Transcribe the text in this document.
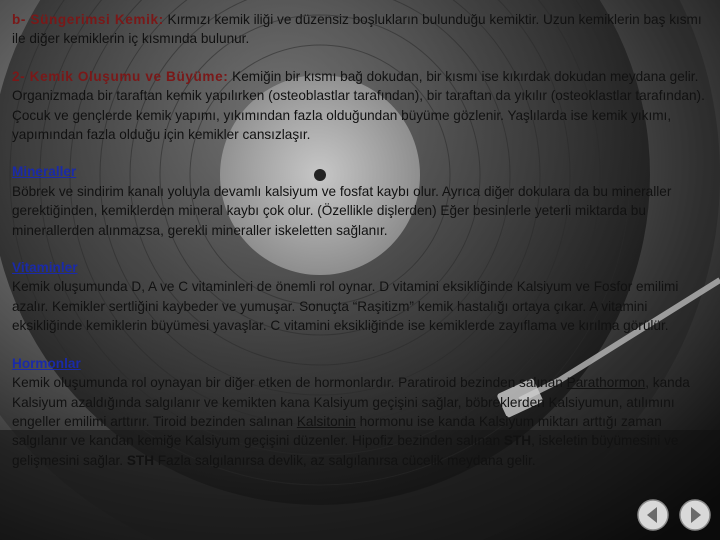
b- Süngerimsi Kemik: Kırmızı kemik iliği ve düzensiz boşlukların bulunduğu kemiktir. Uzun kemiklerin baş kısmı ile diğer kemiklerin iç kısmında bulunur.

2- Kemik Oluşumu ve Büyüme: Kemiğin bir kısmı bağ dokudan, bir kısmı ise kıkırdak dokudan meydana gelir. Organizmada bir taraftan kemik yapılırken (osteoblastlar tarafından), bir taraftan da yıkılır (osteoklastlar tarafından). Çocuk ve gençlerde kemik yapımı, yıkımından fazla olduğundan büyüme gözlenir. Yaşlılarda ise kemik yıkımı, yapımından fazla olduğu için kemikler cansızlaşır.

Mineraller
Böbrek ve sindirim kanalı yoluyla devamlı kalsiyum ve fosfat kaybı olur. Ayrıca diğer dokulara da bu mineraller gerektiğinden, kemiklerden mineral kaybı çok olur. (Özellikle dişlerden) Eğer besinlerle yeterli miktarda bu minerallerden alınmazsa, gerekli mineraller iskeletten sağlanır.

Vitaminler
Kemik oluşumunda D, A ve C vitaminleri de önemli rol oynar. D vitamini eksikliğinde Kalsiyum ve Fosfor emilimi azalır. Kemikler sertliğini kaybeder ve yumuşar. Sonuçta “Raşitizm” kemik hastalığı ortaya çıkar. A vitamini eksikliğinde kemiklerin büyümesi yavaşlar. C vitamini eksikliğinde ise kemiklerde zayıflama ve kırılma görülür.

Hormonlar
Kemik oluşumunda rol oynayan bir diğer etken de hormonlardır. Paratiroid bezinden salınan Parathormon, kanda Kalsiyum azaldığında salgılanır ve kemikten kana Kalsiyum geçişini sağlar, böbreklerden Kalsiyumun, atılımını engeller emilimi arttırır. Tiroid bezinden salınan Kalsitonin hormonu ise kanda Kalsiyum miktarı arttığı zaman salgılanır ve kandan kemiğe Kalsiyum geçişini düzenler. Hipofiz bezinden salınan STH, iskeletin büyümesini ve gelişmesini sağlar. STH Fazla salgılanırsa devlik, az salgılanırsa cücelik meydana gelir.
